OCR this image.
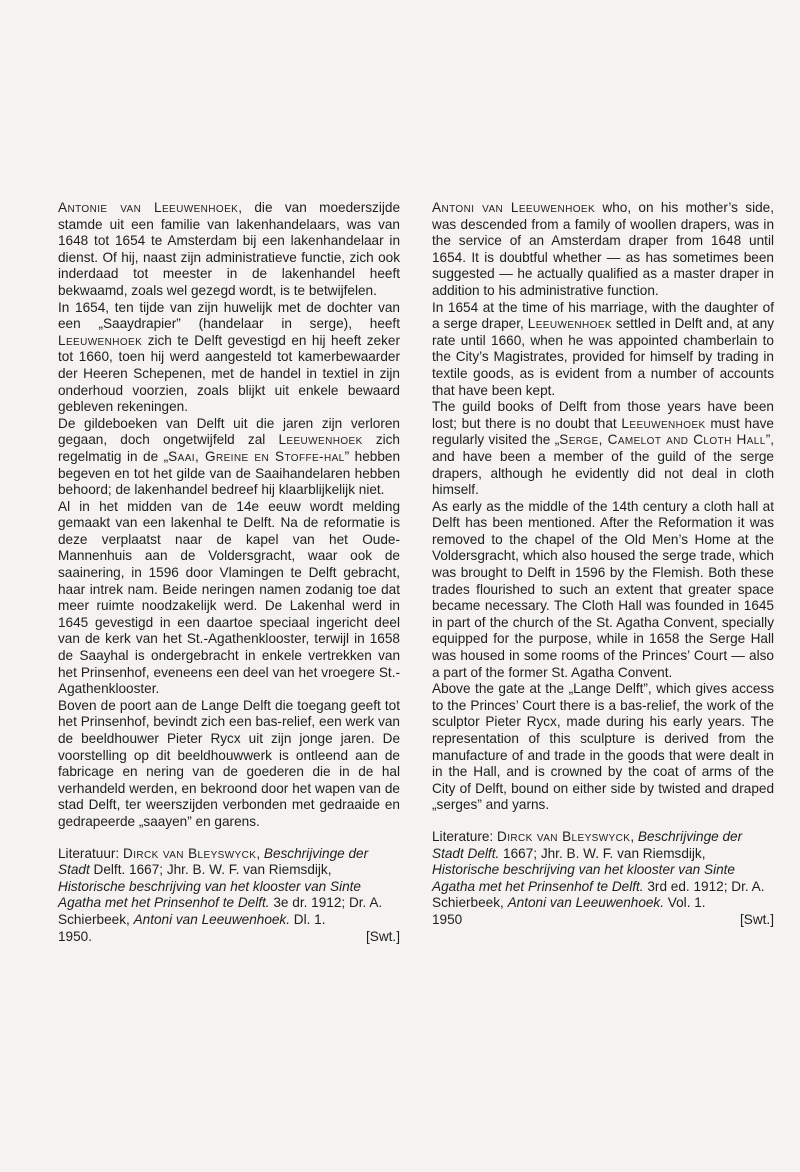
Antonie van Leeuwenhoek, die van moederszijde stamde uit een familie van lakenhandelaars, was van 1648 tot 1654 te Amsterdam bij een lakenhandelaar in dienst. Of hij, naast zijn administratieve functie, zich ook inderdaad tot meester in de lakenhandel heeft bekwaamd, zoals wel gezegd wordt, is te betwijfelen.

In 1654, ten tijde van zijn huwelijk met de dochter van een „Saaydrapier” (handelaar in serge), heeft Leeuwenhoek zich te Delft gevestigd en hij heeft zeker tot 1660, toen hij werd aangesteld tot kamerbewaarder der Heeren Schepenen, met de handel in textiel in zijn onderhoud voorzien, zoals blijkt uit enkele bewaard gebleven rekeningen.

De gildeboeken van Delft uit die jaren zijn verloren gegaan, doch ongetwijfeld zal Leeuwenhoek zich regelmatig in de „Saai, Greine en Stoffe-hal” hebben begeven en tot het gilde van de Saaihandelaren hebben behoord; de lakenhandel bedreef hij klaarblijkelijk niet.

Al in het midden van de 14e eeuw wordt melding gemaakt van een lakenhal te Delft. Na de reformatie is deze verplaatst naar de kapel van het Oude-Mannenhuis aan de Voldersgracht, waar ook de saainering, in 1596 door Vlamingen te Delft gebracht, haar intrek nam. Beide neringen namen zodanig toe dat meer ruimte noodzakelijk werd. De Lakenhal werd in 1645 gevestigd in een daartoe speciaal ingericht deel van de kerk van het St.-Agathenklooster, terwijl in 1658 de Saayhal is ondergebracht in enkele vertrekken van het Prinsenhof, eveneens een deel van het vroegere St.-Agathenklooster.

Boven de poort aan de Lange Delft die toegang geeft tot het Prinsenhof, bevindt zich een bas-relief, een werk van de beeldhouwer Pieter Rycx uit zijn jonge jaren. De voorstelling op dit beeldhouwwerk is ontleend aan de fabricage en nering van de goederen die in de hal verhandeld werden, en bekroond door het wapen van de stad Delft, ter weerszijden verbonden met gedraaide en gedrapeerde „saayen” en garens.

Literatuur: Dirck van Bleyswyck, Beschrijvinge der Stadt Delft. 1667; Jhr. B. W. F. van Riemsdijk, Historische beschrijving van het klooster van Sinte Agatha met het Prinsenhof te Delft. 3e dr. 1912; Dr. A. Schierbeek, Antoni van Leeuwenhoek. Dl. 1.

1950.	[Swt.]

Antoni van Leeuwenhoek who, on his mother’s side, was descended from a family of woollen drapers, was in the service of an Amsterdam draper from 1648 until 1654. It is doubtful whether — as has sometimes been suggested — he actually qualified as a master draper in addition to his administrative function.

In 1654 at the time of his marriage, with the daughter of a serge draper, Leeuwenhoek settled in Delft and, at any rate until 1660, when he was appointed chamberlain to the City’s Magistrates, provided for himself by trading in textile goods, as is evident from a number of accounts that have been kept.

The guild books of Delft from those years have been lost; but there is no doubt that Leeuwenhoek must have regularly visited the „Serge, Camelot and Cloth Hall”, and have been a member of the guild of the serge drapers, although he evidently did not deal in cloth himself.

As early as the middle of the 14th century a cloth hall at Delft has been mentioned. After the Reformation it was removed to the chapel of the Old Men’s Home at the Voldersgracht, which also housed the serge trade, which was brought to Delft in 1596 by the Flemish. Both these trades flourished to such an extent that greater space became necessary. The Cloth Hall was founded in 1645 in part of the church of the St. Agatha Convent, specially equipped for the purpose, while in 1658 the Serge Hall was housed in some rooms of the Princes’ Court — also a part of the former St. Agatha Convent.

Above the gate at the „Lange Delft”, which gives access to the Princes’ Court there is a bas-relief, the work of the sculptor Pieter Rycx, made during his early years. The representation of this sculpture is derived from the manufacture of and trade in the goods that were dealt in in the Hall, and is crowned by the coat of arms of the City of Delft, bound on either side by twisted and draped „serges” and yarns.

Literature: Dirck van Bleyswyck, Beschrijvinge der Stadt Delft. 1667; Jhr. B. W. F. van Riemsdijk, Historische beschrijving van het klooster van Sinte Agatha met het Prinsenhof te Delft. 3rd ed. 1912; Dr. A. Schierbeek, Antoni van Leeuwenhoek. Vol. 1.

1950	[Swt.]
